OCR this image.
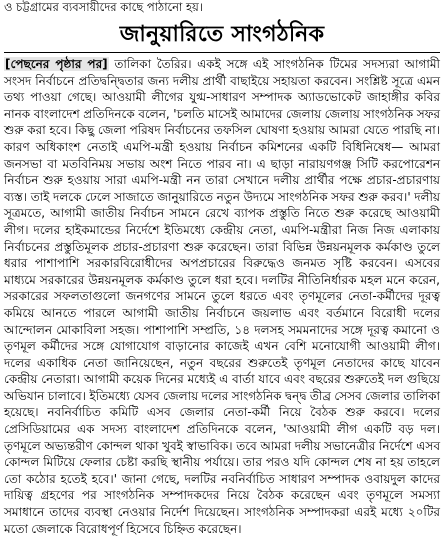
ও চট্টগ্রামের ব্যবসায়ীদের কাছে পাঠানো হয়।
জানুয়ারিতে সাংগঠনিক
[পেছনের পৃষ্ঠার পর] তালিকা তৈরির। একই সঙ্গে এই সাংগঠনিক টিমের সদস্যরা আগামী সংসদ নির্বাচনে প্রতিদ্বন্দ্বিতার জন্য দলীয় প্রার্থী বাছাইয়ে সহায়তা করবেন। সংশ্লিষ্ট সূত্রে এমন তথ্য পাওয়া গেছে। আওয়ামী লীগের যুগ্ম-সাধারণ সম্পাদক অ্যাডভোকেট জাহাঙ্গীর কবির নানক বাংলাদেশ প্রতিদিনকে বলেন, 'চলতি মাসেই আমাদের জেলায় জেলায় সাংগঠনিক সফর শুরু করা হবে। কিছু জেলা পরিষদ নির্বাচনের তফসিল ঘোষণা হওয়ায় আমরা যেতে পারছি না। কারণ অধিকাংশ নেতাই এমপি-মন্ত্রী হওয়ায় নির্বাচন কমিশনের একটি বিধিনিষেধ— আমরা জনসভা বা মতবিনিময় সভায় অংশ নিতে পারব না। এ ছাড়া নারায়ণগঞ্জ সিটি করপোরেশন নির্বাচন শুরু হওয়ায় সারা এমপি-মন্ত্রী নন তারা সেখানে দলীয় প্রার্থীর পক্ষে প্রচার-প্রচারণায় ব্যস্ত। তাই দলকে ঢেলে সাজাতে জানুয়ারিতে নতুন উদ্যমে সাংগঠনিক সফর শুরু করব।' দলীয় সূত্রমতে, আগামী জাতীয় নির্বাচন সামনে রেখে ব্যাপক প্রস্তুতি নিতে শুরু করেছে আওয়ামী লীগ। দলের হাইকমান্ডের নির্দেশে ইতিমধ্যে কেন্দ্রীয় নেতা, এমপি-মন্ত্রীরা নিজ নিজ এলাকায় নির্বাচনের প্রস্তুতিমূলক প্রচার-প্রচারণা শুরু করেছেন। তারা বিভিন্ন উন্নয়নমূলক কর্মকাণ্ড তুলে ধরার পাশাপাশি সরকারবিরোধীদের অপপ্রচারের বিরুদ্ধেও জনমত সৃষ্টি করবেন। এসবের মাধ্যমে সরকারের উন্নয়নমূলক কর্মকাণ্ড তুলে ধরা হবে। দলটির নীতিনির্ধারক মহল মনে করেন, সরকারের সফলতাগুলো জনগণের সামনে তুলে ধরতে এবং তৃণমূলের নেতা-কর্মীদের দূরত্ব কমিয়ে আনতে পারলে আগামী জাতীয় নির্বাচনে জয়লাভ এবং বর্তমানে বিরোধী দলের আন্দোলন মোকাবিলা সহজ। পাশাপাশি সম্প্রতি, ১৪ দলসহ সমমনাদের সঙ্গে দূরত্ব কমানো ও তৃণমূল কর্মীদের সঙ্গে যোগাযোগ বাড়ানোর কাজেই এখন বেশি মনোযোগী আওয়ামী লীগ। দলের একাধিক নেতা জানিয়েছেন, নতুন বছরের শুরুতেই তৃণমূল নেতাদের কাছে যাবেন কেন্দ্রীয় নেতারা। আগামী কয়েক দিনের মধ্যেই এ বার্তা যাবে এবং বছরের শুরুতেই দল গুছিয়ে অভিযান চালাবে। ইতিমধ্যে যেসব জেলায় দলের সাংগঠনিক দ্বন্দ্ব তীব্র সেসব জেলার তালিকা হয়েছে। নবনির্বাচিত কমিটি এসব জেলার নেতা-কর্মী নিয়ে বৈঠক শুরু করবে। দলের প্রেসিডিয়ামের এক সদস্য বাংলাদেশ প্রতিদিনকে বলেন, 'আওয়ামী লীগ একটি বড় দল। তৃণমূলে অভ্যন্তরীণ কোন্দল থাকা খুবই স্বাভাবিক। তবে আমরা দলীয় সভানেত্রীর নির্দেশে এসব কোন্দল মিটিয়ে ফেলার চেষ্টা করছি স্থানীয় পর্যায়ে। তার পরও যদি কোন্দল শেষ না হয় তাহলে তো কঠোর হতেই হবে।' জানা গেছে, দলটির নবনির্বাচিত সাধারণ সম্পাদক ওবায়দুল কাদের দায়িত্ব গ্রহণের পর সাংগঠনিক সম্পাদকদের নিয়ে বৈঠক করেছেন এবং তৃণমূলে সমস্যা সমাধানে তাদের ব্যবস্থা নেওয়ার নির্দেশ দিয়েছেন। সাংগঠনিক সম্পাদকরা এরই মধ্যে ২০টির মতো জেলাকে বিরোধপূর্ণ হিসেবে চিহ্নিত করেছেন।
